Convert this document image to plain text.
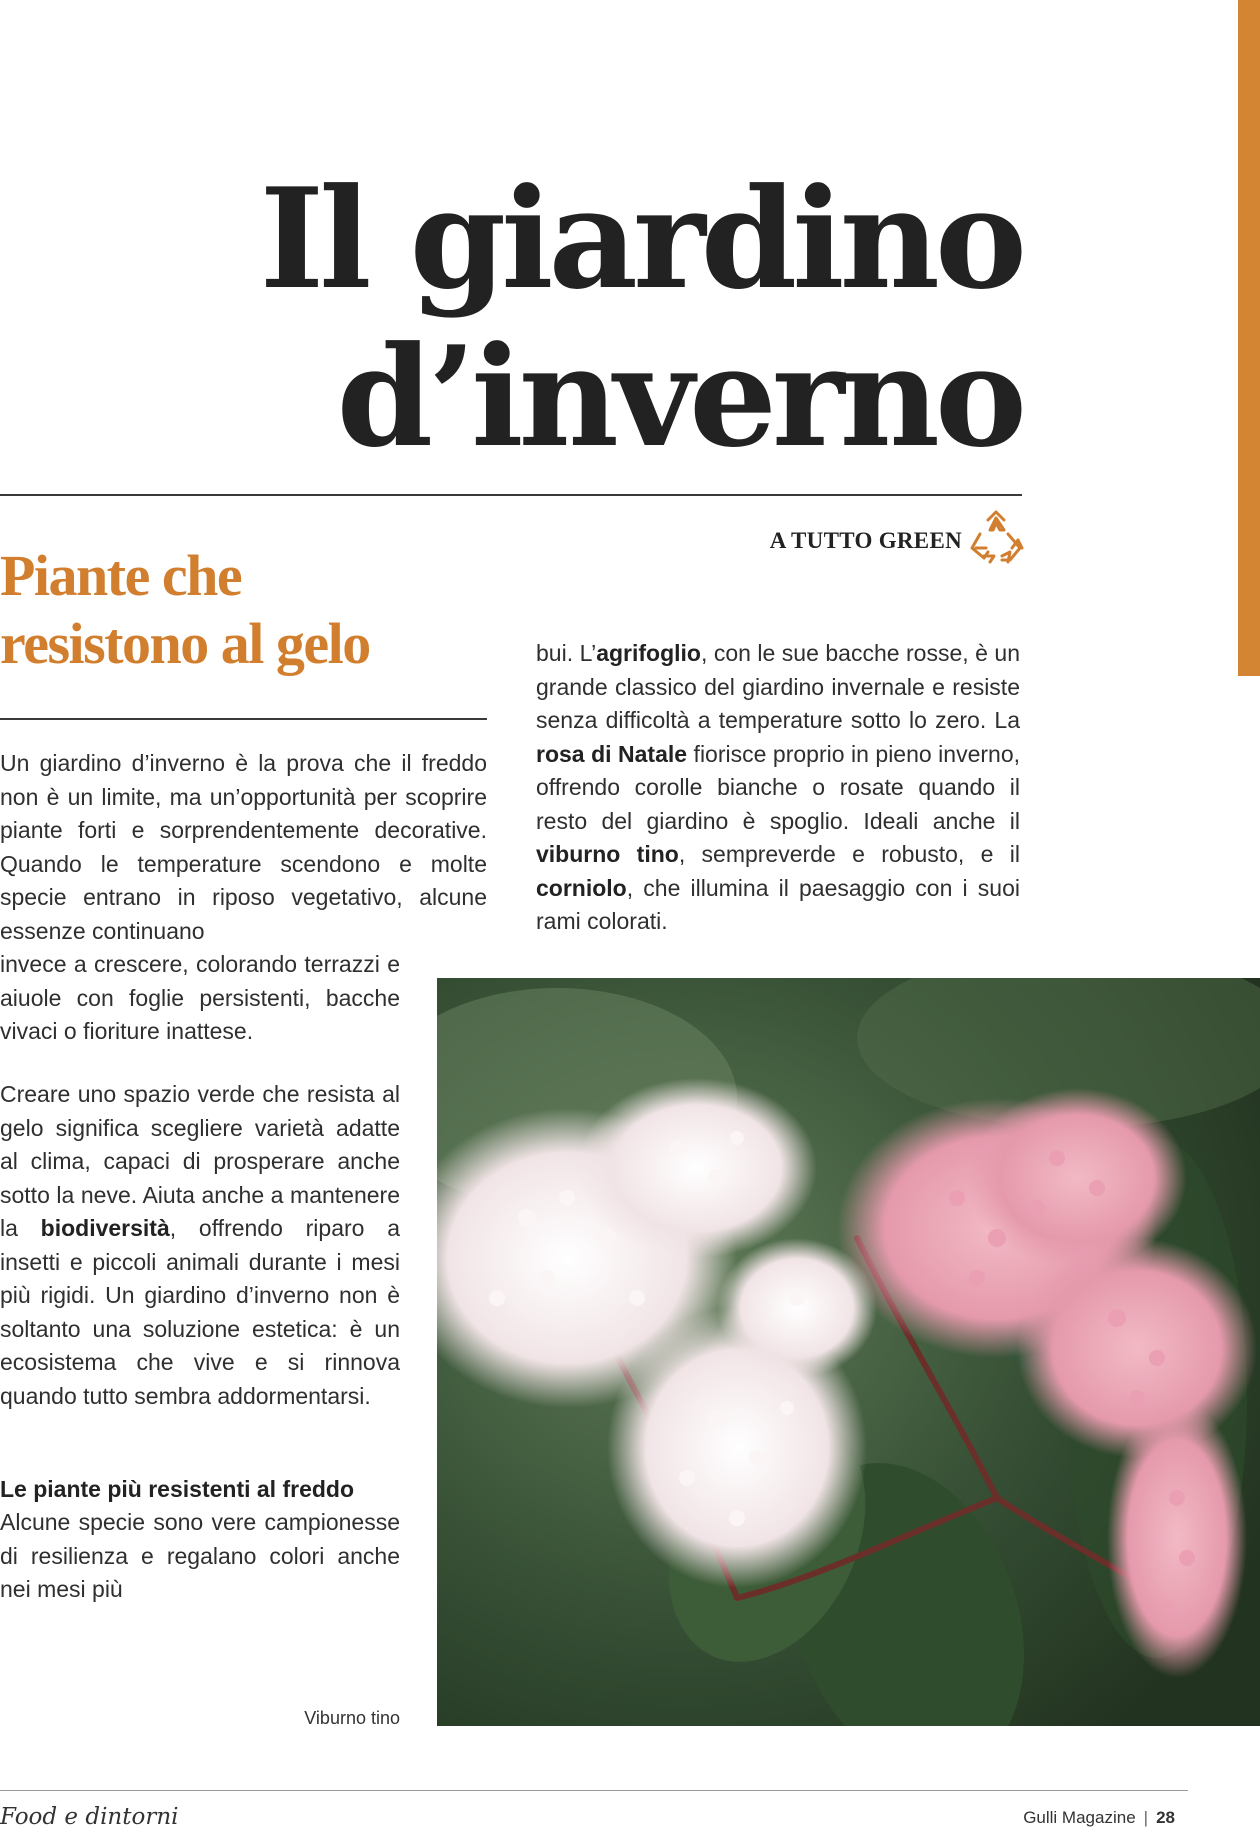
Il giardino
d’inverno
A TUTTO GREEN
Piante che
resistono al gelo

Un giardino d’inverno è la prova che il freddo non è un limite, ma un’opportunità per scoprire piante forti e sorprendentemente decorative. Quando le temperature scendono e molte specie entrano in riposo vegetativo, alcune essenze continuano

invece a crescere, colorando terrazzi e aiuole con foglie persistenti, bacche vivaci o fioriture inattese.

Creare uno spazio verde che resista al gelo significa scegliere varietà adatte al clima, capaci di prosperare anche sotto la neve. Aiuta anche a mantenere la biodiversità, offrendo riparo a insetti e piccoli animali durante i mesi più rigidi. Un giardino d’inverno non è soltanto una soluzione estetica: è un ecosistema che vive e si rinnova quando tutto sembra addormentarsi.

Le piante più resistenti al freddo

Alcune specie sono vere campionesse di resilienza e regalano colori anche nei mesi più

bui. L’agrifoglio, con le sue bacche rosse, è un grande classico del giardino invernale e resiste senza difficoltà a temperature sotto lo zero. La rosa di Natale fiorisce proprio in pieno inverno, offrendo corolle bianche o rosate quando il resto del giardino è spoglio. Ideali anche il viburno tino, sempreverde e robusto, e il corniolo, che illumina il paesaggio con i suoi rami colorati.

Viburno tino
Food e dintorni	Gulli Magazine | 28
